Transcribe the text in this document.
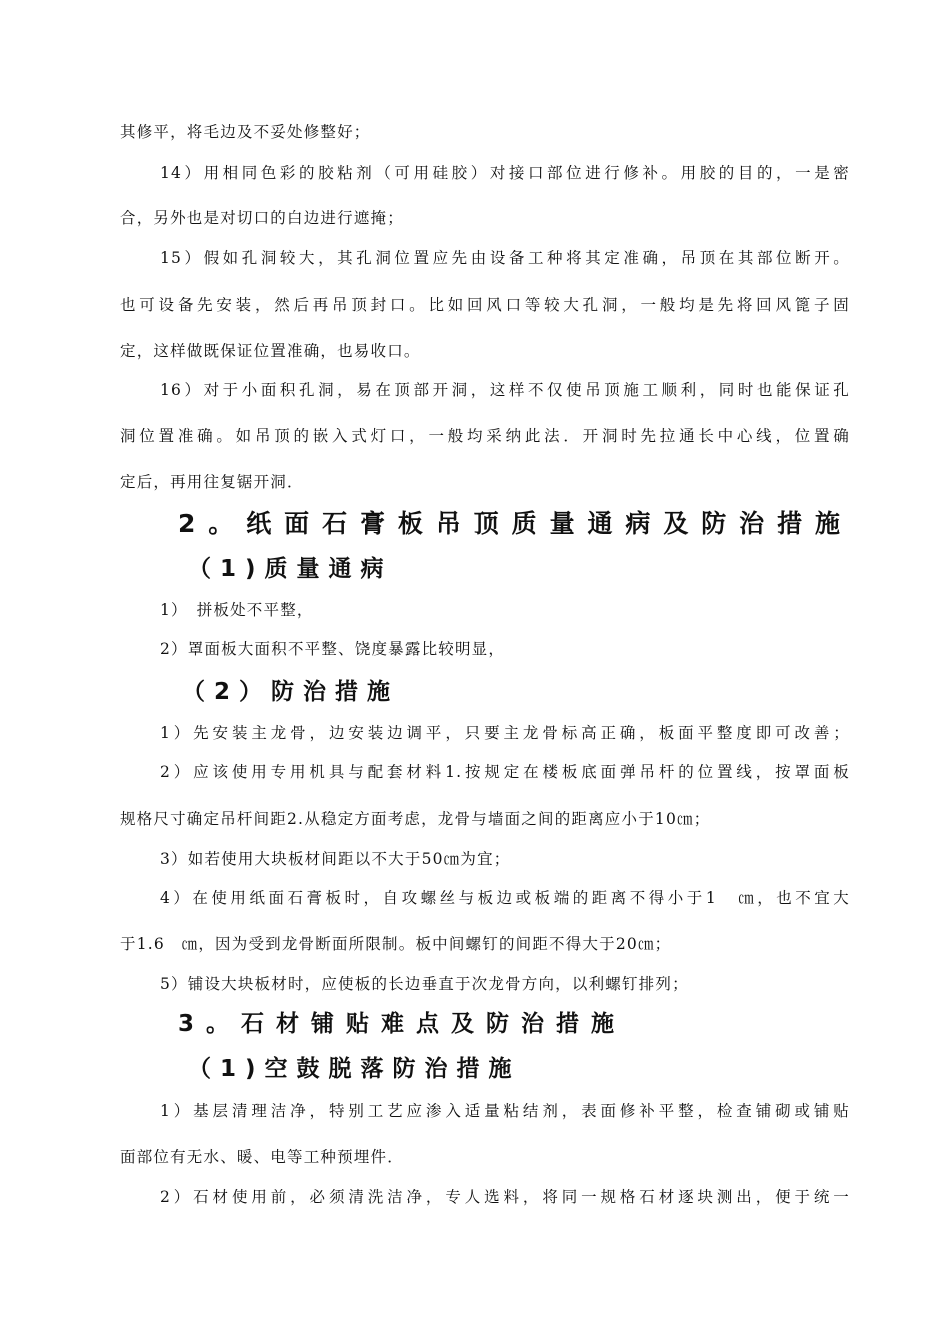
其修平，将毛边及不妥处修整好；
14）用相同色彩的胶粘剂（可用硅胶）对接口部位进行修补。用胶的目的，一是密
合，另外也是对切口的白边进行遮掩；
15）假如孔洞较大，其孔洞位置应先由设备工种将其定准确，吊顶在其部位断开。
也可设备先安装，然后再吊顶封口。比如回风口等较大孔洞，一般均是先将回风篦子固
定，这样做既保证位置准确，也易收口。
16）对于小面积孔洞，易在顶部开洞，这样不仅使吊顶施工顺利，同时也能保证孔
洞位置准确。如吊顶的嵌入式灯口，一般均采纳此法．开洞时先拉通长中心线，位置确
定后，再用往复锯开洞．
2。纸面石膏板吊顶质量通病及防治措施
（1)质量通病
1）　拼板处不平整，
2）罩面板大面积不平整、饶度暴露比较明显，
（2）防治措施
1）先安装主龙骨，边安装边调平，只要主龙骨标高正确，板面平整度即可改善；
2）应该使用专用机具与配套材料1.按规定在楼板底面弹吊杆的位置线，按罩面板
规格尺寸确定吊杆间距2.从稳定方面考虑，龙骨与墙面之间的距离应小于10㎝；
3）如若使用大块板材间距以不大于50㎝为宜；
4）在使用纸面石膏板时，自攻螺丝与板边或板端的距离不得小于1　㎝，也不宜大
于1.6　㎝，因为受到龙骨断面所限制。板中间螺钉的间距不得大于20㎝；
5）铺设大块板材时，应使板的长边垂直于次龙骨方向，以利螺钉排列；
3。石材铺贴难点及防治措施
（1)空鼓脱落防治措施
1）基层清理洁净，特别工艺应渗入适量粘结剂，表面修补平整，检查铺砌或铺贴
面部位有无水、暖、电等工种预埋件．
2）石材使用前，必须清洗洁净，专人选料，将同一规格石材逐块测出，便于统一
